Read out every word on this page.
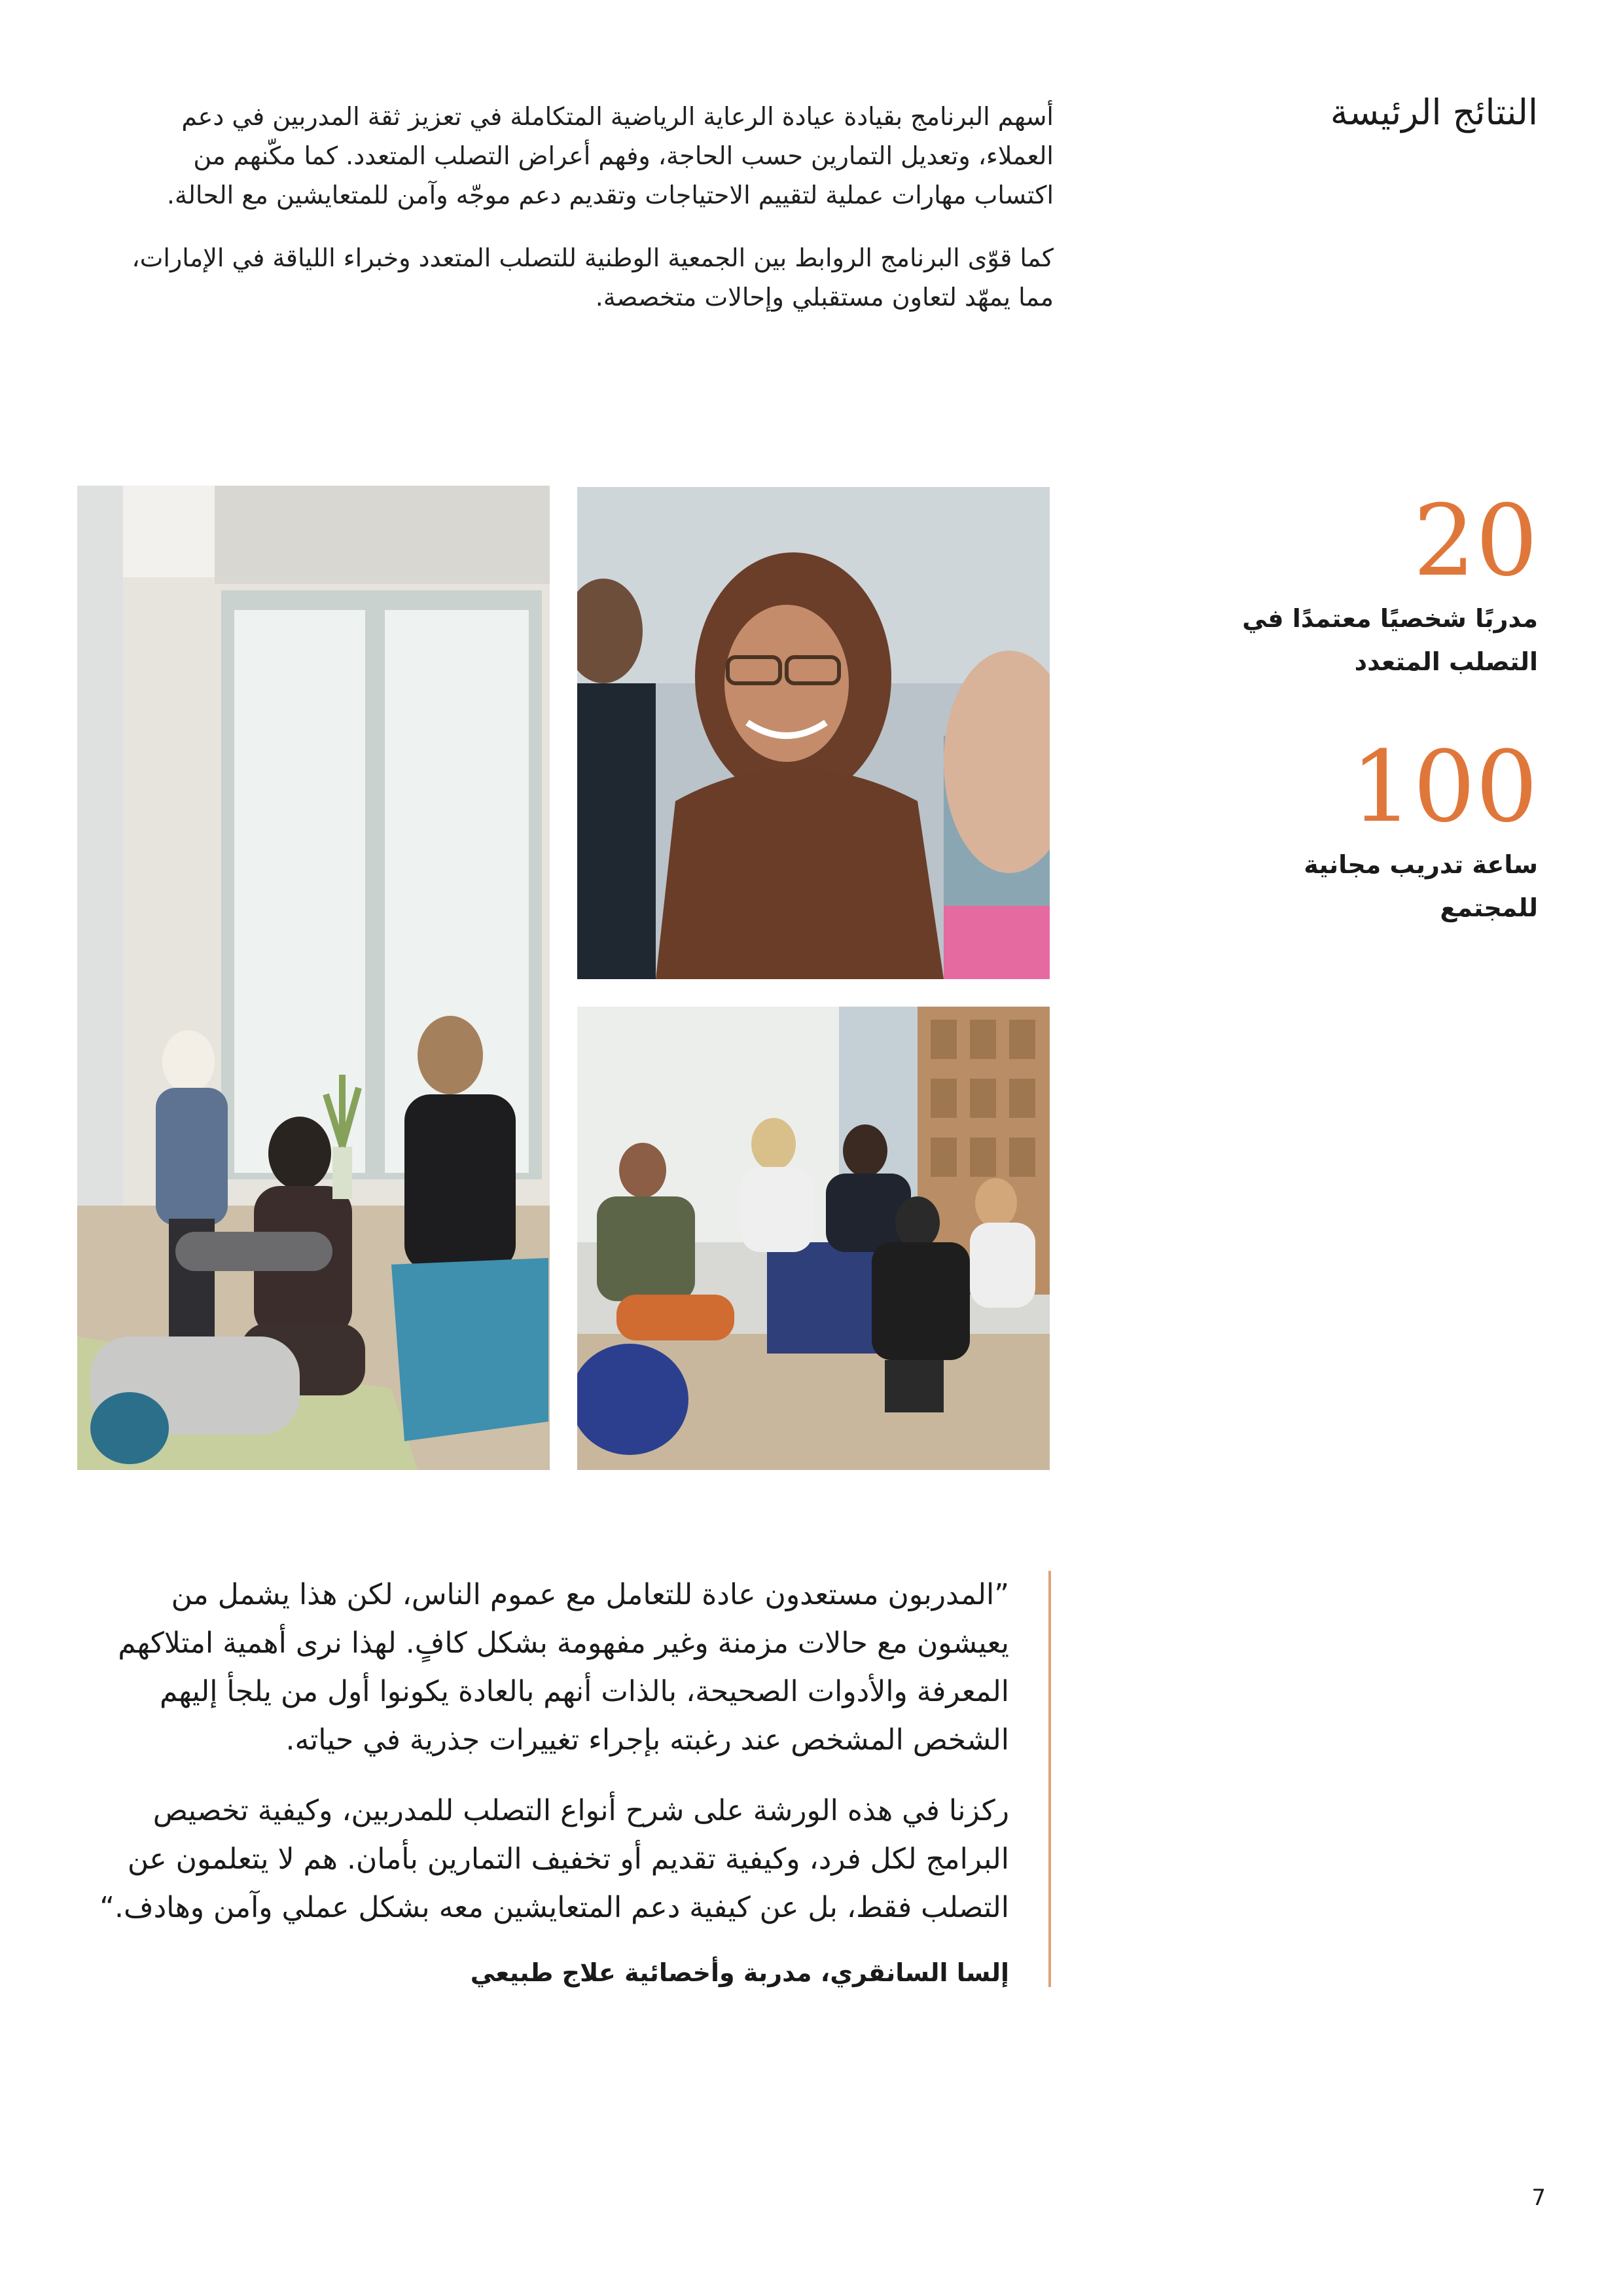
النتائج الرئيسة

أسهم البرنامج بقيادة عيادة الرعاية الرياضية المتكاملة في تعزيز ثقة المدربين في دعم العملاء، وتعديل التمارين حسب الحاجة، وفهم أعراض التصلب المتعدد. كما مكّنهم من اكتساب مهارات عملية لتقييم الاحتياجات وتقديم دعم موجّه وآمن للمتعايشين مع الحالة.

كما قوّى البرنامج الروابط بين الجمعية الوطنية للتصلب المتعدد وخبراء اللياقة في الإمارات، مما يمهّد لتعاون مستقبلي وإحالات متخصصة.

20
مدربًا شخصيًا معتمدًا في
التصلب المتعدد
100
ساعة تدريب مجانية
للمجتمع

”المدربون مستعدون عادة للتعامل مع عموم الناس، لكن هذا يشمل من يعيشون مع حالات مزمنة وغير مفهومة بشكل كافٍ. لهذا نرى أهمية امتلاكهم المعرفة والأدوات الصحيحة، بالذات أنهم بالعادة يكونوا أول من يلجأ إليهم الشخص المشخص عند رغبته بإجراء تغييرات جذرية في حياته.

ركزنا في هذه الورشة على شرح أنواع التصلب للمدربين، وكيفية تخصيص البرامج لكل فرد، وكيفية تقديم أو تخفيف التمارين بأمان. هم لا يتعلمون عن التصلب فقط، بل عن كيفية دعم المتعايشين معه بشكل عملي وآمن وهادف.“

إلسا السانقري، مدربة وأخصائية علاج طبيعي
7
